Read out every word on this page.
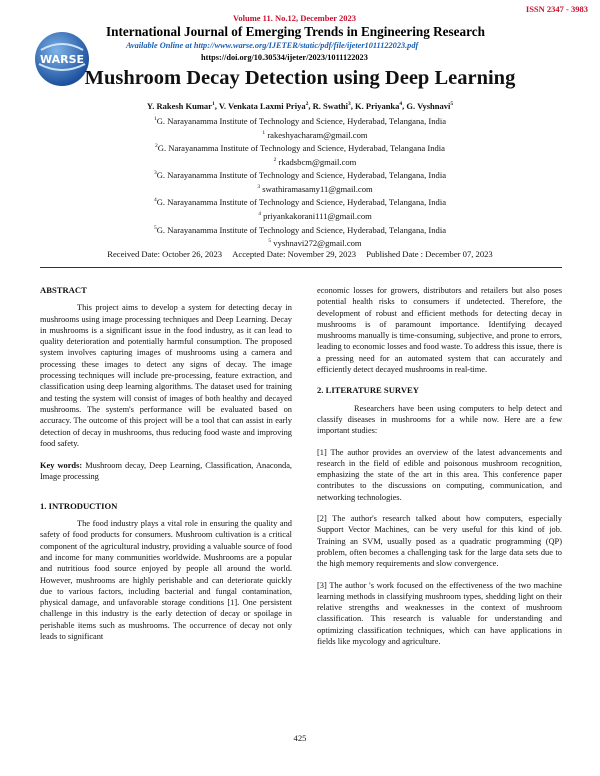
Volume 11. No.12, December 2023
ISSN 2347 - 3983
WARSE
International Journal of Emerging Trends in Engineering Research
Available Online at http://www.warse.org/IJETER/static/pdf/file/ijeter1011122023.pdf
https://doi.org/10.30534/ijeter/2023/1011122023
Mushroom Decay Detection using Deep Learning
Y. Rakesh Kumar$^1$, V. Venkata Laxmi Priya$^2$, R. Swathi$^3$, K. Priyanka$^4$, G. Vyshnavi$^5$
$^1$G. Narayanamma Institute of Technology and Science, Hyderabad, Telangana, India
$^1$ rakeshyacharam@gmail.com
$^2$G. Narayanamma Institute of Technology and Science, Hyderabad, Telangana India
$^2$ rkadsbcm@gmail.com
$^3$G. Narayanamma Institute of Technology and Science, Hyderabad, Telangana, India
$^3$ swathiramasamy11@gmail.com
$^4$G. Narayanamma Institute of Technology and Science, Hyderabad, Telangana, India
$^4$ priyankakorani111@gmail.com
$^5$G. Narayanamma Institute of Technology and Science, Hyderabad, Telangana, India
$^5$ vyshnavi272@gmail.com
Received Date: October 26, 2023 Accepted Date: November 29, 2023 Published Date : December 07, 2023
ABSTRACT

This project aims to develop a system for detecting decay in mushrooms using image processing techniques and Deep Learning. Decay in mushrooms is a significant issue in the food industry, as it can lead to quality deterioration and potentially harmful consumption. The proposed system involves capturing images of mushrooms using a camera and processing these images to detect any signs of decay. The image processing techniques will include pre-processing, feature extraction, and classification using deep learning algorithms. The dataset used for training and testing the system will consist of images of both healthy and decayed mushrooms. The system's performance will be evaluated based on accuracy. The outcome of this project will be a tool that can assist in early detection of decay in mushrooms, thus reducing food waste and improving food safety.

Key words: Mushroom decay, Deep Learning, Classification, Anaconda, Image processing

1. INTRODUCTION

The food industry plays a vital role in ensuring the quality and safety of food products for consumers. Mushroom cultivation is a critical component of the agricultural industry, providing a valuable source of food and income for many communities worldwide. Mushrooms are a popular and nutritious food source enjoyed by people all around the world. However, mushrooms are highly perishable and can deteriorate quickly due to various factors, including bacterial and fungal contamination, physical damage, and unfavorable storage conditions [1]. One persistent challenge in this industry is the early detection of decay or spoilage in perishable items such as mushrooms. The occurrence of decay not only leads to significant

economic losses for growers, distributors and retailers but also poses potential health risks to consumers if undetected. Therefore, the development of robust and efficient methods for detecting decay in mushrooms is of paramount importance. Identifying decayed mushrooms manually is time-consuming, subjective, and prone to errors, leading to economic losses and food waste. To address this issue, there is a pressing need for an automated system that can accurately and efficiently detect decayed mushrooms in real-time.

2. LITERATURE SURVEY

Researchers have been using computers to help detect and classify diseases in mushrooms for a while now. Here are a few important studies:

[1] The author provides an overview of the latest advancements and research in the field of edible and poisonous mushroom recognition, emphasizing the state of the art in this area. This conference paper contributes to the discussions on computing, communication, and networking technologies.

[2] The author's research talked about how computers, especially Support Vector Machines, can be very useful for this kind of job. Training an SVM, usually posed as a quadratic programming (QP) problem, often becomes a challenging task for the large data sets due to the high memory requirements and slow convergence.

[3] The author 's work focused on the effectiveness of the two machine learning methods in classifying mushroom types, shedding light on their relative strengths and weaknesses in the context of mushroom classification. This research is valuable for understanding and optimizing classification techniques, which can have applications in fields like mycology and agriculture.

425
